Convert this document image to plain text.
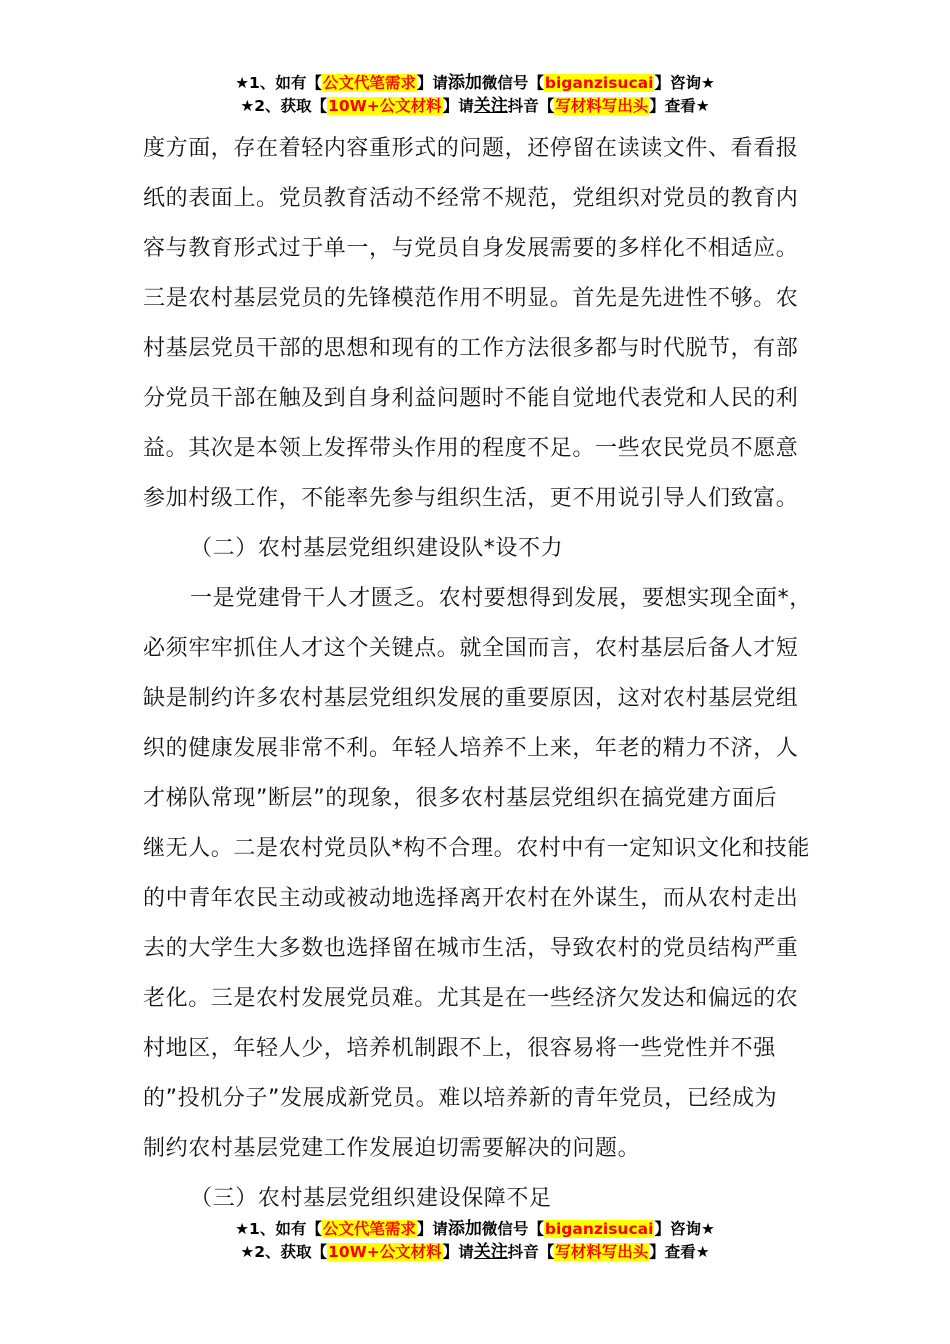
★1、如有【公文代笔需求】请添加微信号【biganzisucai】咨询★
★2、获取【10W+公文材料】请关注抖音【写材料写出头】查看★
度方面，存在着轻内容重形式的问题，还停留在读读文件、看看报
纸的表面上。党员教育活动不经常不规范，党组织对党员的教育内
容与教育形式过于单一，与党员自身发展需要的多样化不相适应。
三是农村基层党员的先锋模范作用不明显。首先是先进性不够。农
村基层党员干部的思想和现有的工作方法很多都与时代脱节，有部
分党员干部在触及到自身利益问题时不能自觉地代表党和人民的利
益。其次是本领上发挥带头作用的程度不足。一些农民党员不愿意
参加村级工作，不能率先参与组织生活，更不用说引导人们致富。
（二）农村基层党组织建设队*设不力
一是党建骨干人才匮乏。农村要想得到发展，要想实现全面*，
必须牢牢抓住人才这个关键点。就全国而言，农村基层后备人才短
缺是制约许多农村基层党组织发展的重要原因，这对农村基层党组
织的健康发展非常不利。年轻人培养不上来，年老的精力不济，人
才梯队常现”断层”的现象，很多农村基层党组织在搞党建方面后
继无人。二是农村党员队*构不合理。农村中有一定知识文化和技能
的中青年农民主动或被动地选择离开农村在外谋生，而从农村走出
去的大学生大多数也选择留在城市生活，导致农村的党员结构严重
老化。三是农村发展党员难。尤其是在一些经济欠发达和偏远的农
村地区，年轻人少，培养机制跟不上，很容易将一些党性并不强
的”投机分子”发展成新党员。难以培养新的青年党员，已经成为
制约农村基层党建工作发展迫切需要解决的问题。
（三）农村基层党组织建设保障不足
★1、如有【公文代笔需求】请添加微信号【biganzisucai】咨询★
★2、获取【10W+公文材料】请关注抖音【写材料写出头】查看★
